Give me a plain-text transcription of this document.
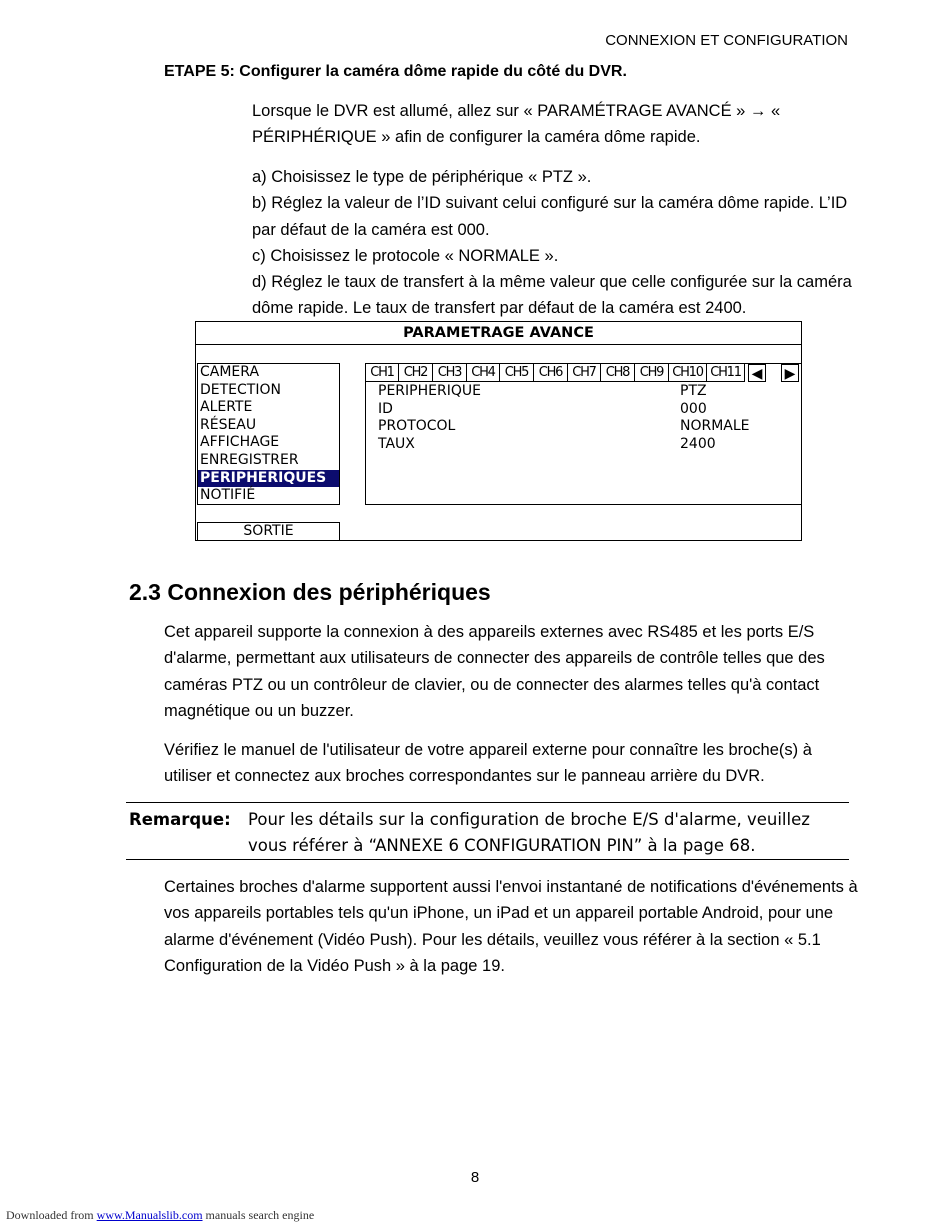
CONNEXION ET CONFIGURATION
ETAPE 5: Configurer la caméra dôme rapide du côté du DVR.
Lorsque le DVR est allumé, allez sur « PARAMÉTRAGE AVANCÉ » → « PÉRIPHÉRIQUE » afin de configurer la caméra dôme rapide.
a) Choisissez le type de périphérique « PTZ ».
b) Réglez la valeur de l’ID suivant celui configuré sur la caméra dôme rapide. L’ID par défaut de la caméra est 000.
c) Choisissez le protocole « NORMALE ».
d) Réglez le taux de transfert à la même valeur que celle configurée sur la caméra dôme rapide. Le taux de transfert par défaut de la caméra est 2400.
PARAMETRAGE AVANCE
CAMERA
DETECTION
ALERTE
RÉSEAU
AFFICHAGE
ENREGISTRER
PERIPHERIQUES
NOTIFIÉ
SORTIE
CH1 CH2 CH3 CH4 CH5 CH6 CH7 CH8 CH9 CH10 CH11 ◀ ▶
PERIPHERIQUE
ID
PROTOCOL
TAUX
PTZ
000
NORMALE
2400
2.3 Connexion des périphériques
Cet appareil supporte la connexion à des appareils externes avec RS485 et les ports E/S d'alarme, permettant aux utilisateurs de connecter des appareils de contrôle telles que des caméras PTZ ou un contrôleur de clavier, ou de connecter des alarmes telles qu'à contact magnétique ou un buzzer.
Vérifiez le manuel de l'utilisateur de votre appareil externe pour connaître les broche(s) à utiliser et connectez aux broches correspondantes sur le panneau arrière du DVR.
Remarque: Pour les détails sur la configuration de broche E/S d'alarme, veuillez vous référer à “ANNEXE 6 CONFIGURATION PIN” à la page 68.
Certaines broches d'alarme supportent aussi l'envoi instantané de notifications d'événements à vos appareils portables tels qu'un iPhone, un iPad et un appareil portable Android, pour une alarme d'événement (Vidéo Push). Pour les détails, veuillez vous référer à la section « 5.1 Configuration de la Vidéo Push » à la page 19.
8
Downloaded from www.Manualslib.com manuals search engine
